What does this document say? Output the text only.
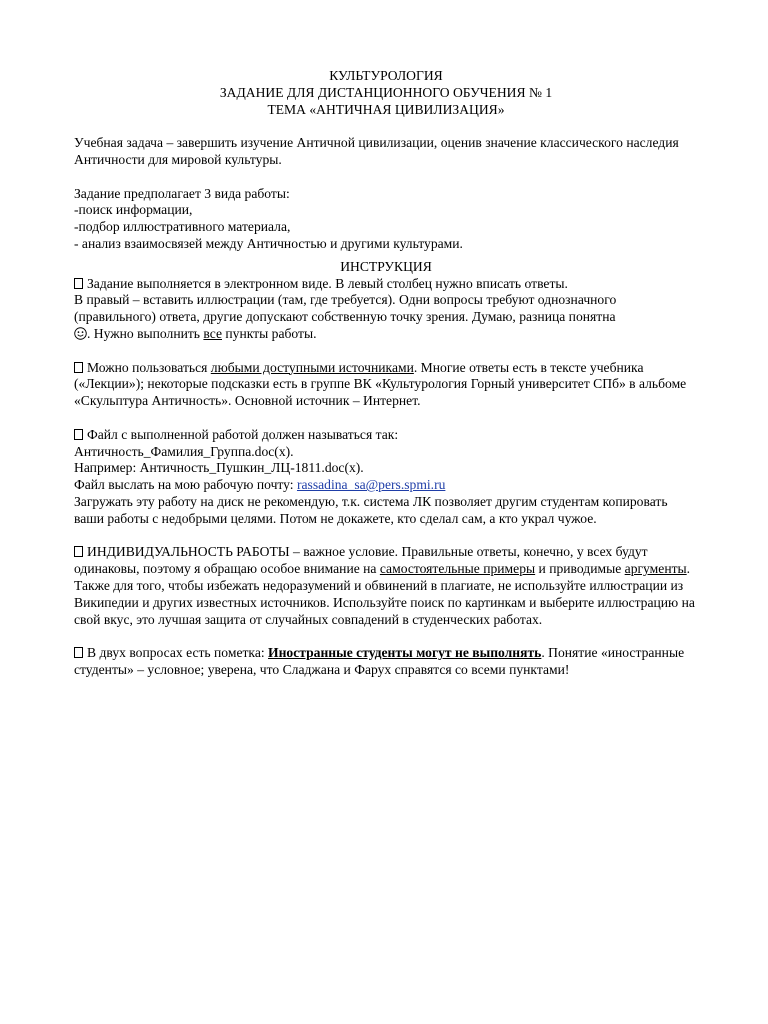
КУЛЬТУРОЛОГИЯ

ЗАДАНИЕ ДЛЯ ДИСТАНЦИОННОГО ОБУЧЕНИЯ № 1

ТЕМА «АНТИЧНАЯ ЦИВИЛИЗАЦИЯ»

Учебная задача – завершить изучение Античной цивилизации, оценив значение классического наследия Античности для мировой культуры.

Задание предполагает 3 вида работы:

-поиск информации,

-подбор иллюстративного материала,

- анализ взаимосвязей между Античностью и другими культурами.

ИНСТРУКЦИЯ

Задание выполняется в электронном виде. В левый столбец нужно вписать ответы.
В правый – вставить иллюстрации (там, где требуется). Одни вопросы требуют однозначного (правильного) ответа, другие допускают собственную точку зрения. Думаю, разница понятна
. Нужно выполнить все пункты работы.

Можно пользоваться любыми доступными источниками. Многие ответы есть в тексте учебника («Лекции»); некоторые подсказки есть в группе ВК «Культурология Горный университет СПб» в альбоме «Скульптура Античность». Основной источник – Интернет.

Файл с выполненной работой должен называться так:
Античность_Фамилия_Группа.doc(x).
Например: Античность_Пушкин_ЛЦ-1811.doc(x).
Файл выслать на мою рабочую почту: rassadina_sa@pers.spmi.ru
Загружать эту работу на диск не рекомендую, т.к. система ЛК позволяет другим студентам копировать ваши работы с недобрыми целями. Потом не докажете, кто сделал сам, а кто украл чужое.

ИНДИВИДУАЛЬНОСТЬ РАБОТЫ – важное условие. Правильные ответы, конечно, у всех будут одинаковы, поэтому я обращаю особое внимание на самостоятельные примеры и приводимые аргументы. Также для того, чтобы избежать недоразумений и обвинений в плагиате, не используйте иллюстрации из Википедии и других известных источников. Используйте поиск по картинкам и выберите иллюстрацию на свой вкус, это лучшая защита от случайных совпадений в студенческих работах.

В двух вопросах есть пометка: Иностранные студенты могут не выполнять. Понятие «иностранные студенты» – условное; уверена, что Сладжана и Фарух справятся со всеми пунктами!
